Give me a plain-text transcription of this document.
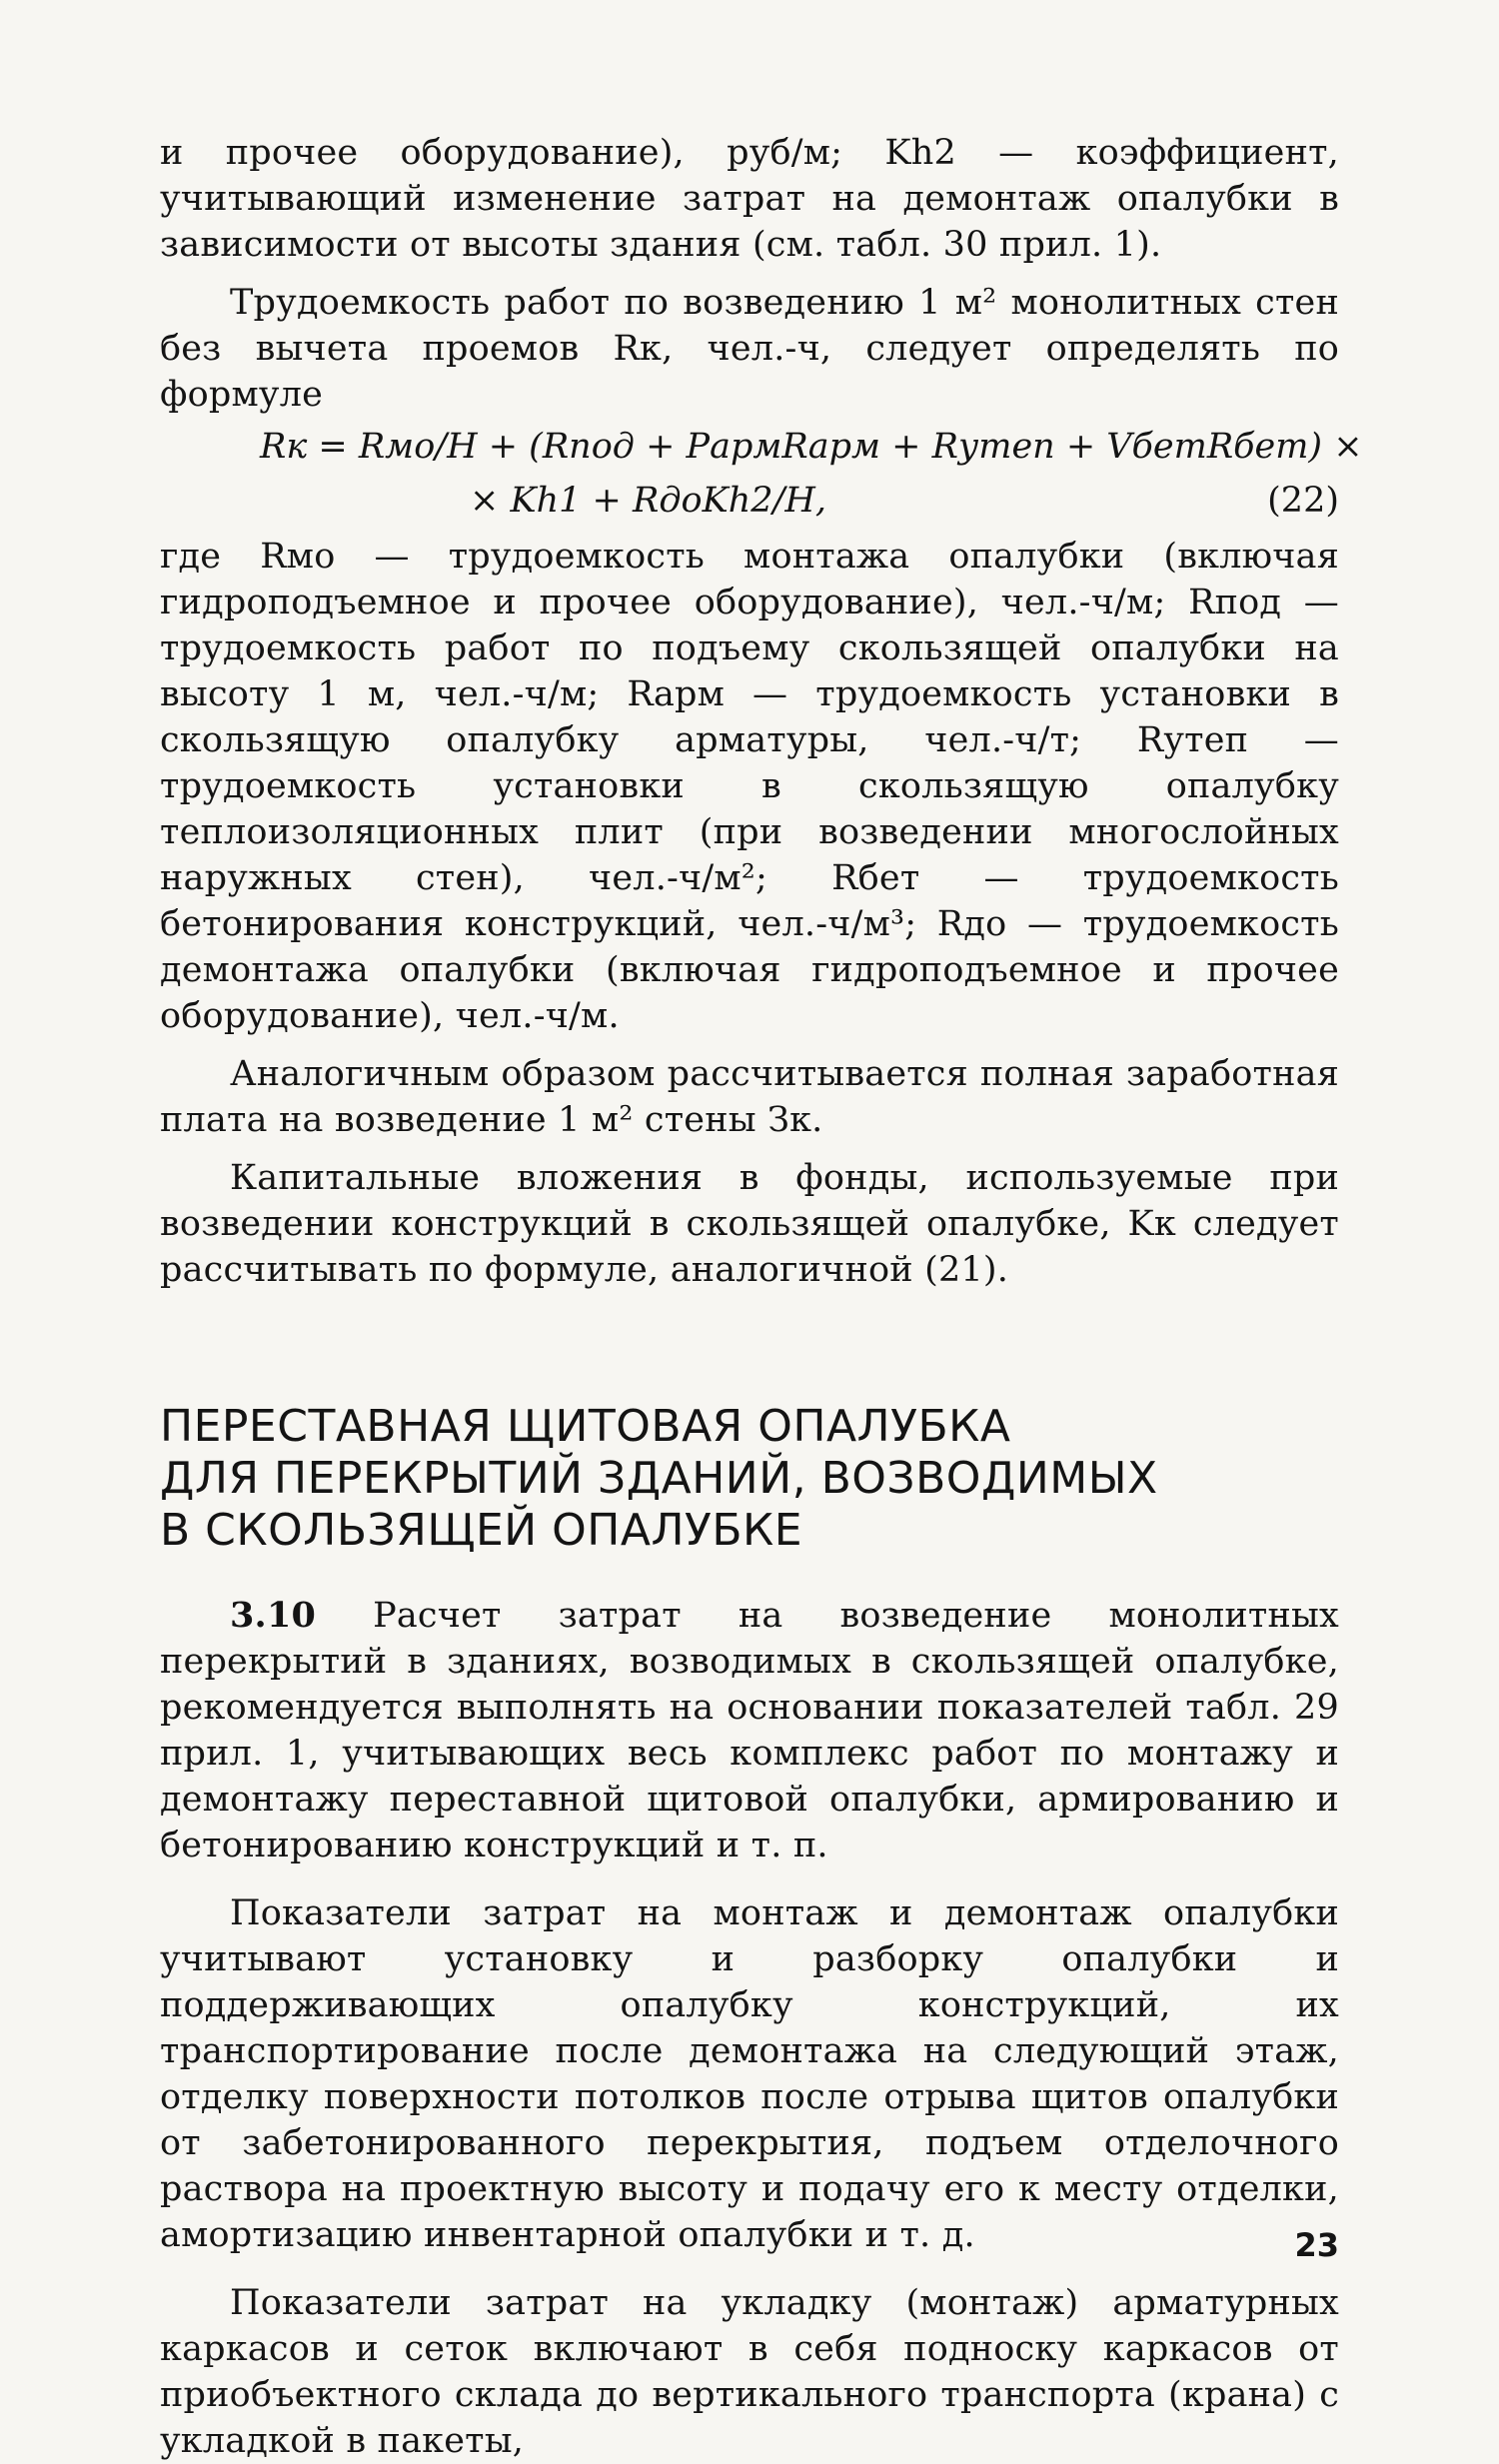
и прочее оборудование), руб/м; Kh2 — коэффициент, учитывающий изменение затрат на демонтаж опалубки в зависимости от высоты здания (см. табл. 30 прил. 1).

Трудоемкость работ по возведению 1 м² монолитных стен без вычета проемов Rк, чел.-ч, следует определять по формуле

Rк = Rмо/H + (Rпод + PармRарм + Rутеп + VбетRбет) ×
× Kh1 + RдоKh2/H,	(22)

где Rмо — трудоемкость монтажа опалубки (включая гидроподъемное и прочее оборудование), чел.-ч/м; Rпод — трудоемкость работ по подъему скользящей опалубки на высоту 1 м, чел.-ч/м; Rарм — трудоемкость установки в скользящую опалубку арматуры, чел.-ч/т; Rутеп — трудоемкость установки в скользящую опалубку теплоизоляционных плит (при возведении многослойных наружных стен), чел.-ч/м²; Rбет — трудоемкость бетонирования конструкций, чел.-ч/м³; Rдо — трудоемкость демонтажа опалубки (включая гидроподъемное и прочее оборудование), чел.-ч/м.

Аналогичным образом рассчитывается полная заработная плата на возведение 1 м² стены Зк.

Капитальные вложения в фонды, используемые при возведении конструкций в скользящей опалубке, Kк следует рассчитывать по формуле, аналогичной (21).

ПЕРЕСТАВНАЯ ЩИТОВАЯ ОПАЛУБКА
ДЛЯ ПЕРЕКРЫТИЙ ЗДАНИЙ, ВОЗВОДИМЫХ
В СКОЛЬЗЯЩЕЙ ОПАЛУБКЕ

3.10 Расчет затрат на возведение монолитных перекрытий в зданиях, возводимых в скользящей опалубке, рекомендуется выполнять на основании показателей табл. 29 прил. 1, учитывающих весь комплекс работ по монтажу и демонтажу переставной щитовой опалубки, армированию и бетонированию конструкций и т. п.

Показатели затрат на монтаж и демонтаж опалубки учитывают установку и разборку опалубки и поддерживающих опалубку конструкций, их транспортирование после демонтажа на следующий этаж, отделку поверхности потолков после отрыва щитов опалубки от забетонированного перекрытия, подъем отделочного раствора на проектную высоту и подачу его к месту отделки, амортизацию инвентарной опалубки и т. д.

Показатели затрат на укладку (монтаж) арматурных каркасов и сеток включают в себя подноску каркасов от приобъектного склада до вертикального транспорта (крана) с укладкой в пакеты,

23
